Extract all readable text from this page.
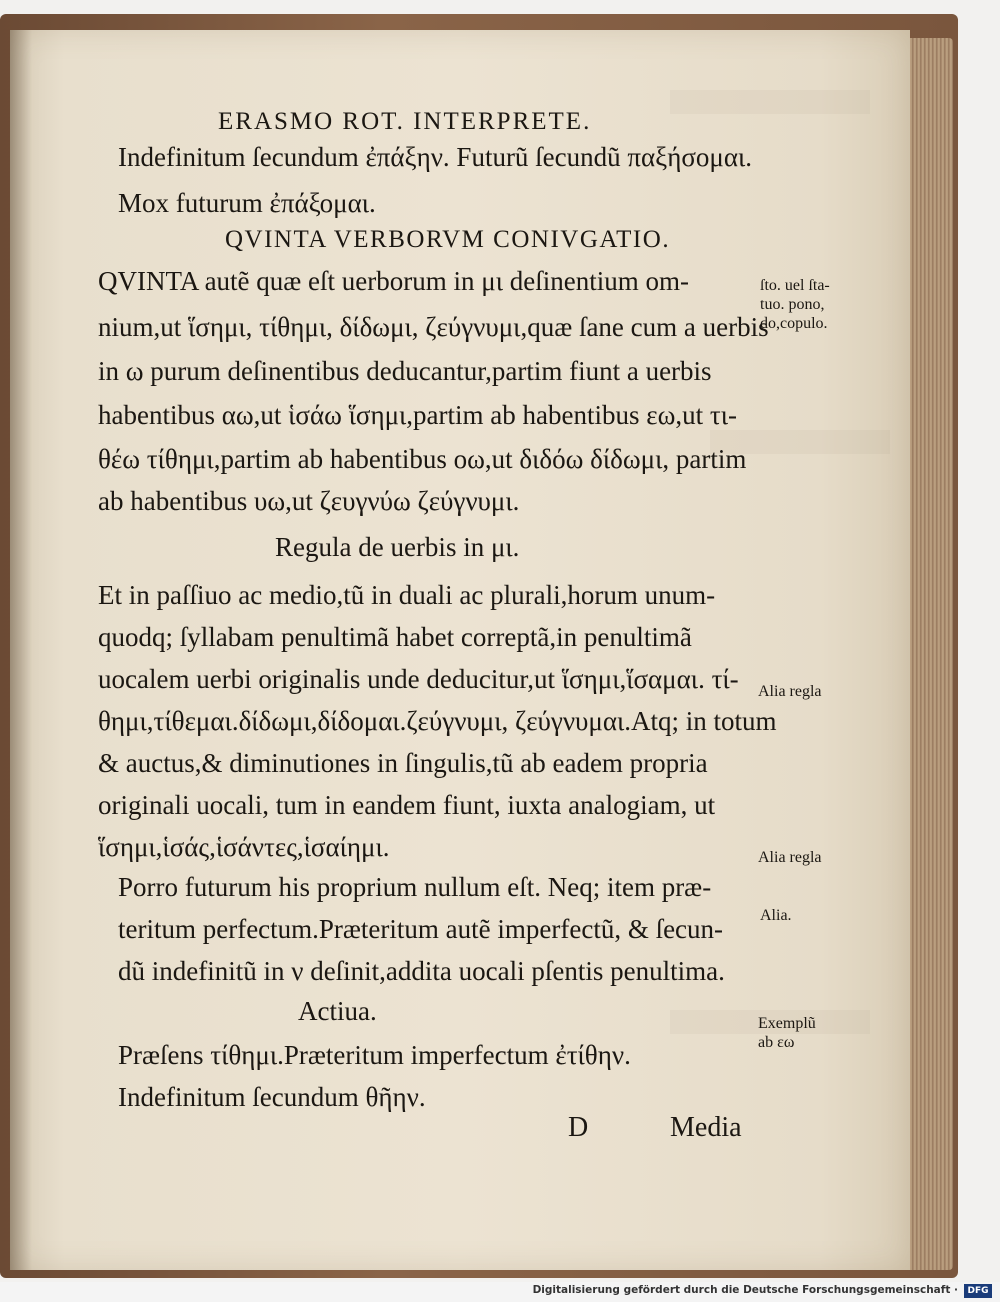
ERASMO ROT. INTERPRETE.
Indefinitum ſecundum ἐπάξην. Futurũ ſecundũ παξήσομαι.
Mox futurum ἐπάξομαι.
QVINTA VERBORVM CONIVGATIO.
QVINTA autẽ quæ eſt uerborum in μι deſinentium om-
nium,ut ἵσημι, τίθημι, δίδωμι, ζεύγνυμι,quæ ſane cum a uerbis
in ω purum deſinentibus deducantur,partim fiunt a uerbis
habentibus αω,ut ἱσάω ἵσημι,partim ab habentibus εω,ut τι-
θέω τίθημι,partim ab habentibus οω,ut διδόω δίδωμι, partim
ab habentibus υω,ut ζευγνύω ζεύγνυμι.
Regula de uerbis in μι.
Et in paſſiuo ac medio,tũ in duali ac plurali,horum unum-
quodq; ſyllabam penultimã habet correptã,in penultimã
uocalem uerbi originalis unde deducitur,ut ἵσημι,ἵσαμαι. τί-
θημι,τίθεμαι.δίδωμι,δίδομαι.ζεύγνυμι, ζεύγνυμαι.Atq; in totum
& auctus,& diminutiones in ſingulis,tũ ab eadem propria
originali uocali, tum in eandem fiunt, iuxta analogiam, ut
ἵσημι,ἱσάς,ἱσάντες,ἱσαίημι.
Porro futurum his proprium nullum eſt. Neq; item præ-
teritum perfectum.Præteritum autẽ imperfectũ, & ſecun-
dũ indefinitũ in ν deſinit,addita uocali pſentis penultima.
Actiua.
Præſens τίθημι.Præteritum imperfectum ἐτίθην.
Indefinitum ſecundum θῆην.
D	Media
ſto. uel ſta-
tuo. pono,
do,copulo.
Alia regla
Alia regla
Alia.
Exemplũ
ab εω
Digitalisierung gefördert durch die Deutsche Forschungsgemeinschaft ·	DFG
